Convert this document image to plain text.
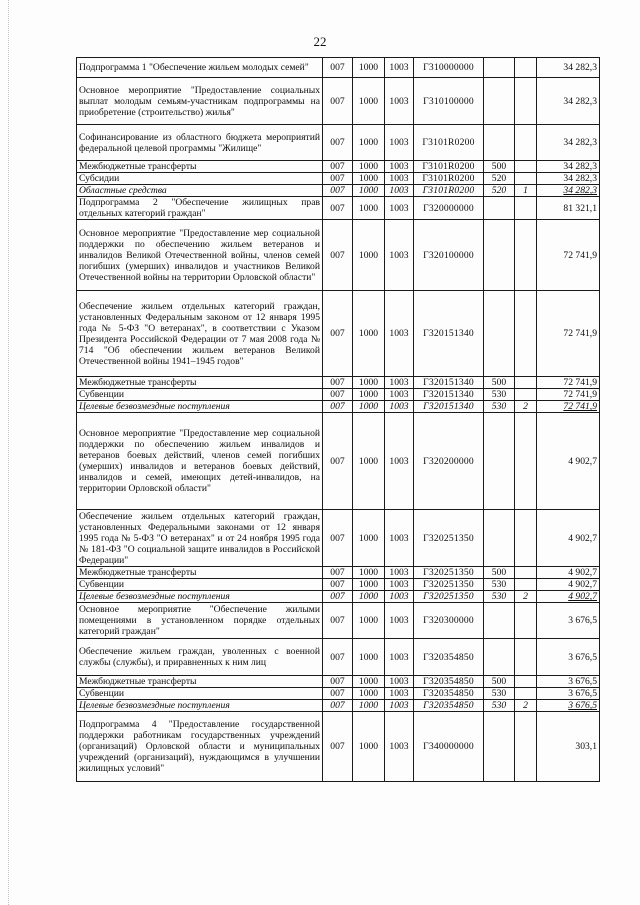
22
Подпрограмма 1 "Обеспечение жильем молодых семей"	007	1000	1003	Г310000000			34 282,3
Основное мероприятие "Предоставление социальных выплат молодым семьям-участникам подпрограммы на приобретение (строительство) жилья"	007	1000	1003	Г310100000			34 282,3
Софинансирование из областного бюджета мероприятий федеральной целевой программы "Жилище"	007	1000	1003	Г3101R0200			34 282,3
Межбюджетные трансферты	007	1000	1003	Г3101R0200	500		34 282,3
Субсидии	007	1000	1003	Г3101R0200	520		34 282,3
Областные средства	007	1000	1003	Г3101R0200	520	1	34 282,3
Подпрограмма 2 "Обеспечение жилищных прав отдельных категорий граждан"	007	1000	1003	Г320000000			81 321,1
Основное мероприятие "Предоставление мер социальной поддержки по обеспечению жильем ветеранов и инвалидов Великой Отечественной войны, членов семей погибших (умерших) инвалидов и участников Великой Отечественной войны на территории Орловской области"	007	1000	1003	Г320100000			72 741,9
Обеспечение жильем отдельных категорий граждан, установленных Федеральным законом от 12 января 1995 года № 5-ФЗ "О ветеранах", в соответствии с Указом Президента Российской Федерации от 7 мая 2008 года № 714 "Об обеспечении жильем ветеранов Великой Отечественной войны 1941–1945 годов"	007	1000	1003	Г320151340			72 741,9
Межбюджетные трансферты	007	1000	1003	Г320151340	500		72 741,9
Субвенции	007	1000	1003	Г320151340	530		72 741,9
Целевые безвозмездные поступления	007	1000	1003	Г320151340	530	2	72 741,9
Основное мероприятие "Предоставление мер социальной поддержки по обеспечению жильем инвалидов и ветеранов боевых действий, членов семей погибших (умерших) инвалидов и ветеранов боевых действий, инвалидов и семей, имеющих детей-инвалидов, на территории Орловской области"	007	1000	1003	Г320200000			4 902,7
Обеспечение жильем отдельных категорий граждан, установленных Федеральными законами от 12 января 1995 года № 5-ФЗ "О ветеранах" и от 24 ноября 1995 года № 181-ФЗ "О социальной защите инвалидов в Российской Федерации"	007	1000	1003	Г320251350			4 902,7
Межбюджетные трансферты	007	1000	1003	Г320251350	500		4 902,7
Субвенции	007	1000	1003	Г320251350	530		4 902,7
Целевые безвозмездные поступления	007	1000	1003	Г320251350	530	2	4 902,7
Основное мероприятие "Обеспечение жилыми помещениями в установленном порядке отдельных категорий граждан"	007	1000	1003	Г320300000			3 676,5
Обеспечение жильем граждан, уволенных с военной службы (службы), и приравненных к ним лиц	007	1000	1003	Г320354850			3 676,5
Межбюджетные трансферты	007	1000	1003	Г320354850	500		3 676,5
Субвенции	007	1000	1003	Г320354850	530		3 676,5
Целевые безвозмездные поступления	007	1000	1003	Г320354850	530	2	3 676,5
Подпрограмма 4 "Предоставление государственной поддержки работникам государственных учреждений (организаций) Орловской области и муниципальных учреждений (организаций), нуждающимся в улучшении жилищных условий"	007	1000	1003	Г340000000			303,1
